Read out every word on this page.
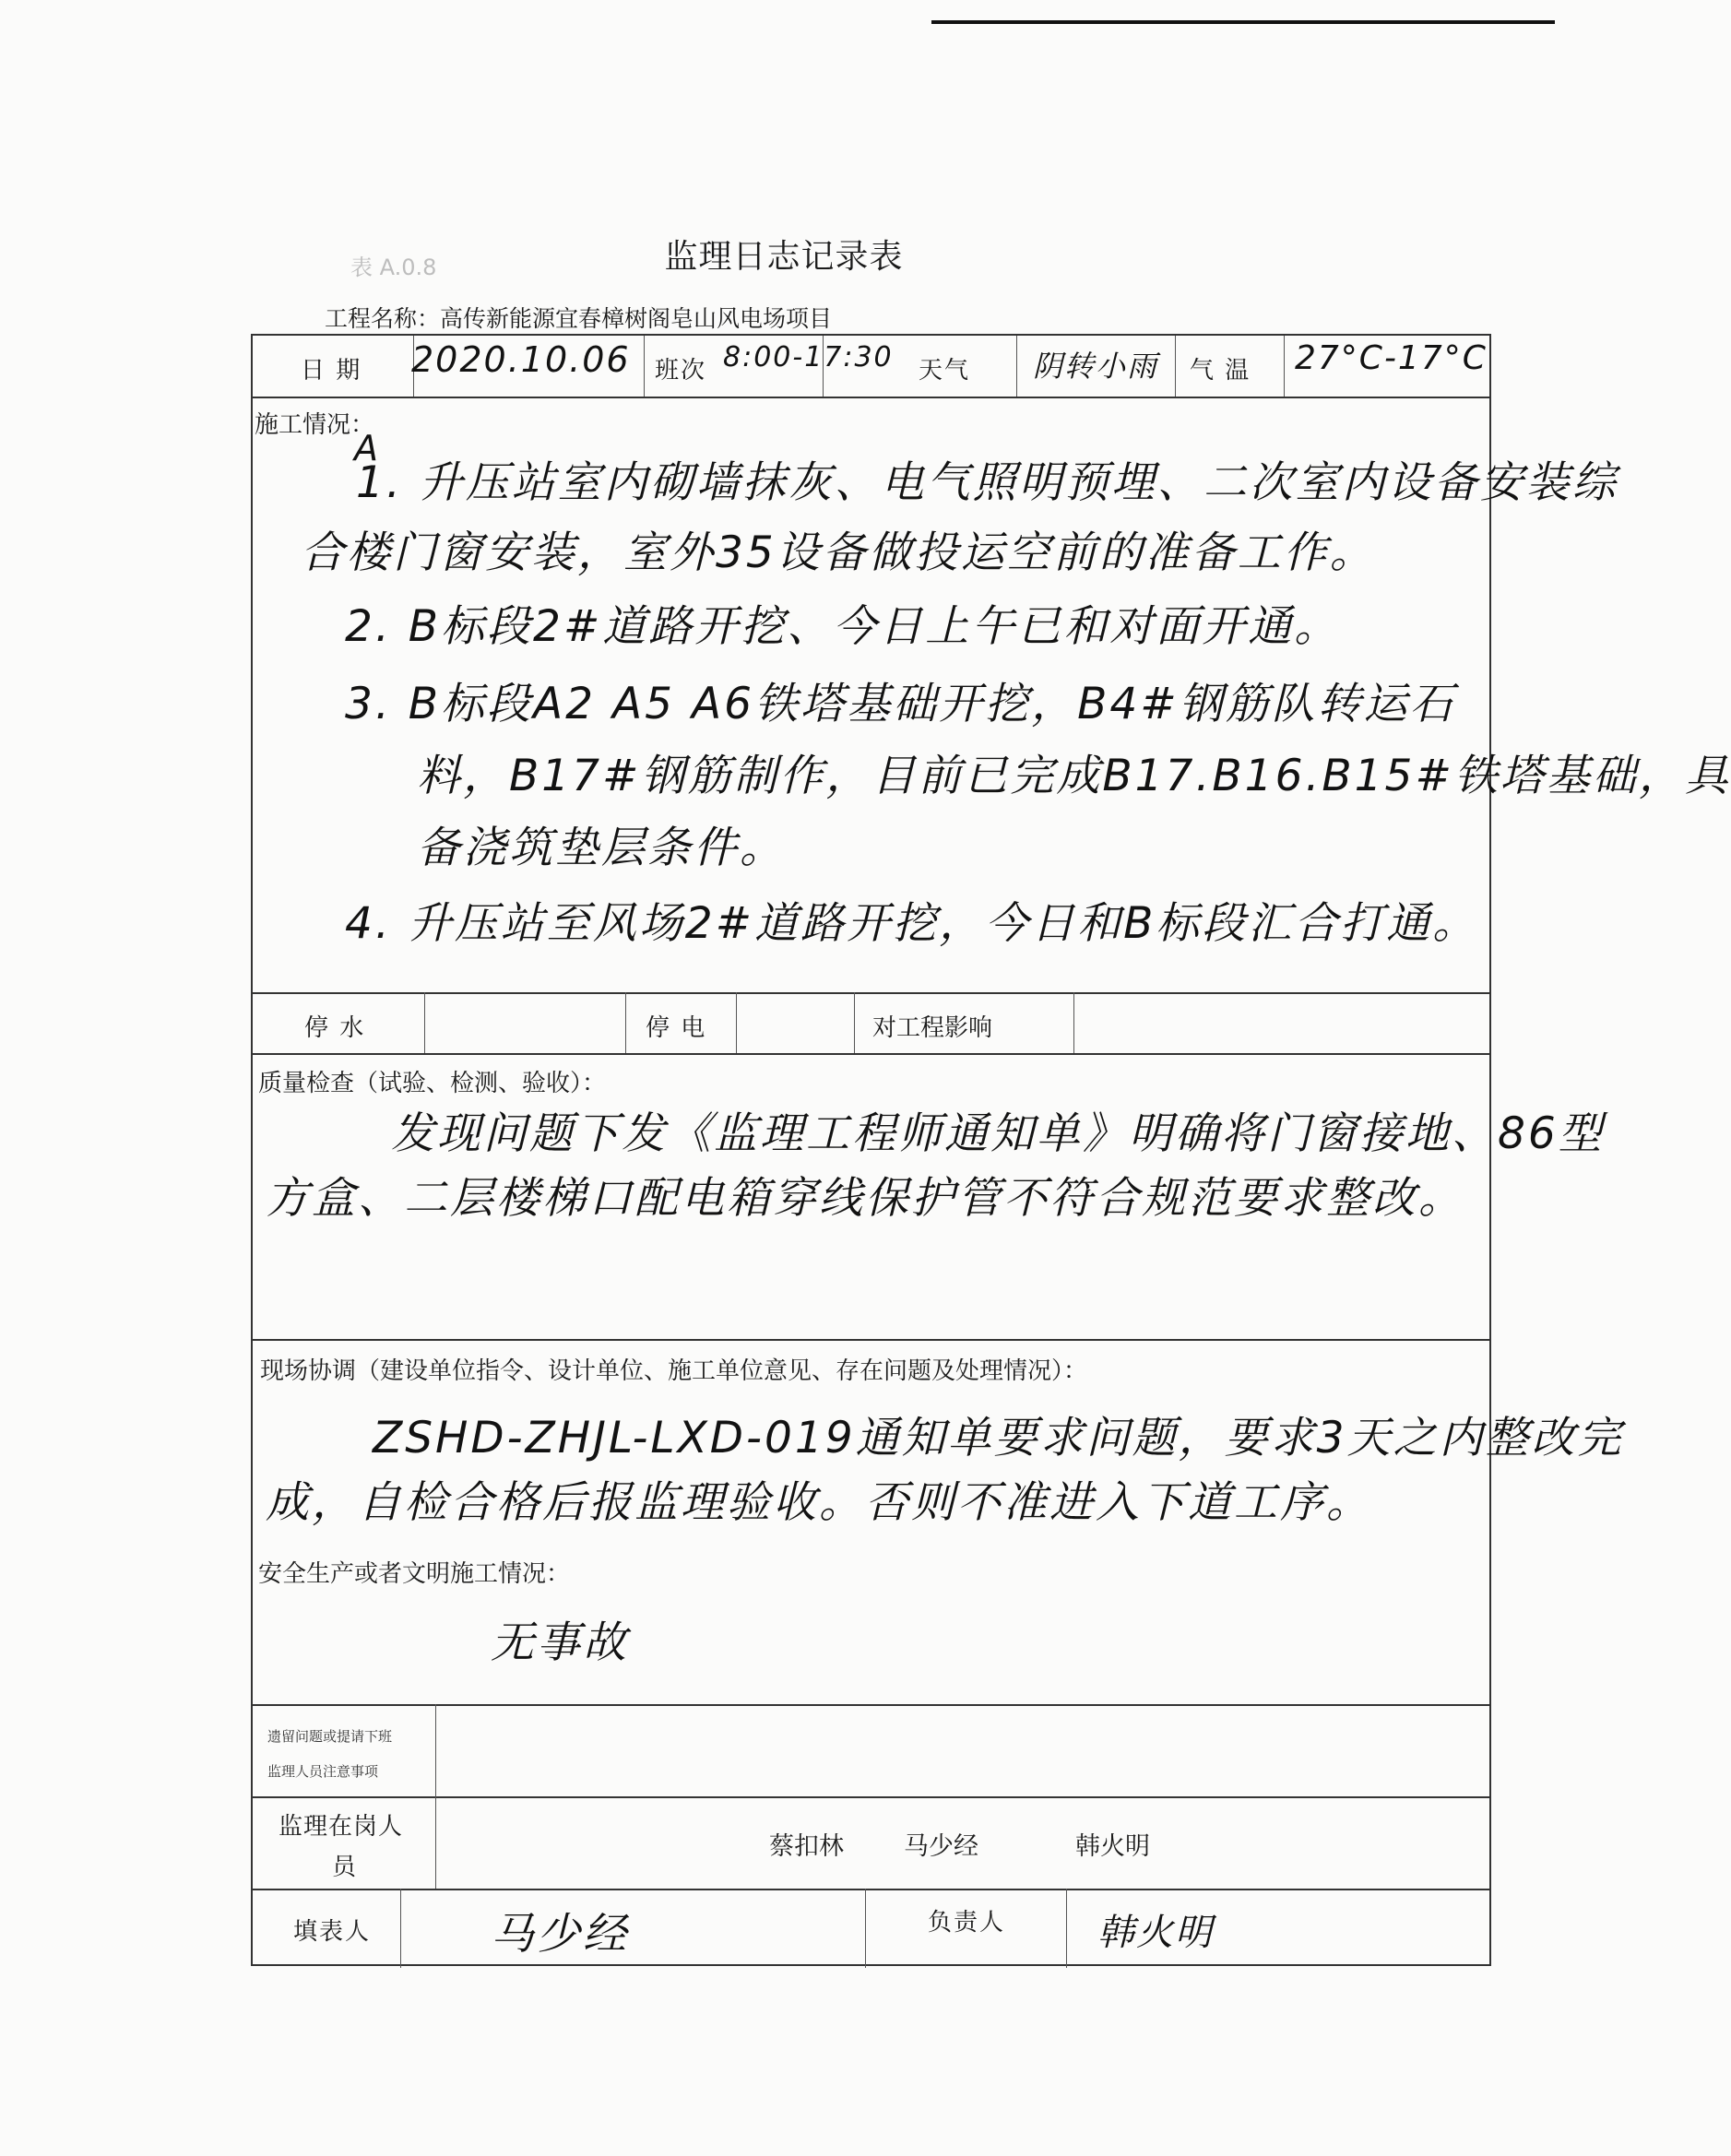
表 A.0.8	监理日志记录表
工程名称：高传新能源宜春樟树阁皂山风电场项目
日 期 2020.10.06 班次 8:00-17:30 天气 阴转小雨 气 温 27°C-17°C
施工情况：
A
1. 升压站室内砌墙抹灰、电气照明预埋、二次室内设备安装综
合楼门窗安装，室外35设备做投运空前的准备工作。
2. B标段2#道路开挖、今日上午已和对面开通。
3. B标段A2 A5 A6铁塔基础开挖，B4#钢筋队转运石
料，B17#钢筋制作，目前已完成B17.B16.B15#铁塔基础，具
备浇筑垫层条件。
4. 升压站至风场2#道路开挖，今日和B标段汇合打通。
停 水	停 电	对工程影响
质量检查（试验、检测、验收）：
发现问题下发《监理工程师通知单》明确将门窗接地、86型
方盒、二层楼梯口配电箱穿线保护管不符合规范要求整改。
现场协调（建设单位指令、设计单位、施工单位意见、存在问题及处理情况）：
ZSHD-ZHJL-LXD-019通知单要求问题，要求3天之内整改完
成，自检合格后报监理验收。否则不准进入下道工序。
安全生产或者文明施工情况：
无事故
遗留问题或提请下班
监理人员注意事项
监理在岗人
员
蔡扣林 马少经	韩火明
填表人	马少经	负责人 韩火明
